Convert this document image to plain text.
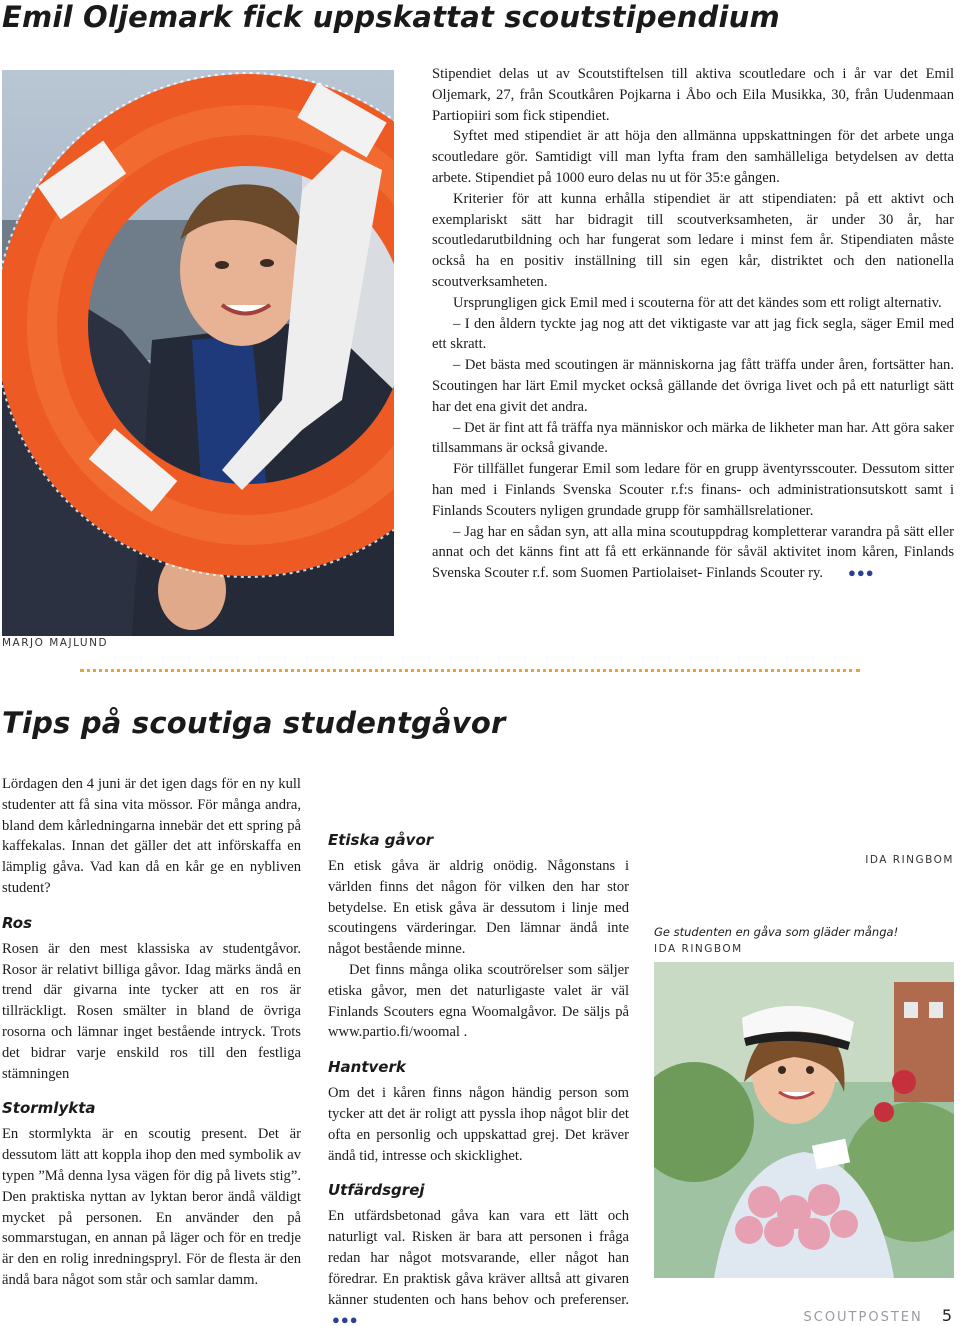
Emil Oljemark fick uppskattat scoutstipendium
MARJO MAJLUND

Stipendiet delas ut av Scoutstiftelsen till aktiva scoutledare och i år var det Emil Oljemark, 27, från Scoutkåren Pojkarna i Åbo och Eila Musikka, 30, från Uudenmaan Partiopiiri som fick stipendiet.

Syftet med stipendiet är att höja den allmänna uppskattningen för det arbete unga scoutledare gör. Samtidigt vill man lyfta fram den samhälleliga betydelsen av detta arbete. Stipendiet på 1000 euro delas nu ut för 35:e gången.

Kriterier för att kunna erhålla stipendiet är att stipendiaten: på ett aktivt och exemplariskt sätt har bidragit till scoutverksamheten, är under 30 år, har scoutledarutbildning och har fungerat som ledare i minst fem år. Stipendiaten måste också ha en positiv inställning till sin egen kår, distriktet och den nationella scoutverksamheten.

Ursprungligen gick Emil med i scouterna för att det kändes som ett roligt alternativ.

– I den åldern tyckte jag nog att det viktigaste var att jag fick segla, säger Emil med ett skratt.

– Det bästa med scoutingen är människorna jag fått träffa under åren, fortsätter han. Scoutingen har lärt Emil mycket också gällande det övriga livet och på ett naturligt sätt har det ena givit det andra.

– Det är fint att få träffa nya människor och märka de likheter man har. Att göra saker tillsammans är också givande.

För tillfället fungerar Emil som ledare för en grupp äventyrsscouter. Dessutom sitter han med i Finlands Svenska Scouter r.f:s finans- och administrationsutskott samt i Finlands Scouters nyligen grundade grupp för samhällsrelationer.

– Jag har en sådan syn, att alla mina scoutuppdrag kompletterar varandra på sätt eller annat och det känns fint att få ett erkännande för såväl aktivitet inom kåren, Finlands Svenska Scouter r.f. som Suomen Partiolaiset- Finlands Scouter ry. ●●●

Tips på scoutiga studentgåvor

Lördagen den 4 juni är det igen dags för en ny kull studenter att få sina vita mössor. För många andra, bland dem kårledningarna innebär det ett spring på kaffekalas. Innan det gäller det att införskaffa en lämplig gåva. Vad kan då en kår ge en nybliven student?

Ros

Rosen är den mest klassiska av studentgåvor. Rosor är relativt billiga gåvor. Idag märks ändå en trend där givarna inte tycker att en ros är tillräckligt. Rosen smälter in bland de övriga rosorna och lämnar inget bestående intryck. Trots det bidrar varje enskild ros till den festliga stämningen

Stormlykta

En stormlykta är en scoutig present. Det är dessutom lätt att koppla ihop den med symbolik av typen ”Må denna lysa vägen för dig på livets stig”. Den praktiska nyttan av lyktan beror ändå väldigt mycket på personen. En använder den på sommarstugan, en annan på läger och för en tredje är den en rolig inredningspryl. För de flesta är den ändå bara något som står och samlar damm.

Etiska gåvor

En etisk gåva är aldrig onödig. Någonstans i världen finns det någon för vilken den har stor betydelse. En etisk gåva är dessutom i linje med scoutingens värderingar. Den lämnar ändå inte något bestående minne.

Det finns många olika scoutrörelser som säljer etiska gåvor, men det naturligaste valet är väl Finlands Scouters egna Woomalgåvor. De säljs på www.partio.fi/woomal .

Hantverk

Om det i kåren finns någon händig person som tycker att det är roligt att pyssla ihop något blir det ofta en personlig och uppskattad grej. Det kräver ändå tid, intresse och skicklighet.

Utfärdsgrej

En utfärdsbetonad gåva kan vara ett lätt och naturligt val. Risken är bara att personen i fråga redan har något motsvarande, eller något han föredrar. En praktisk gåva kräver alltså att givaren känner studenten och hans behov och preferenser.●●●

IDA RINGBOM
Ge studenten en gåva som gläder många!
IDA RINGBOM
SCOUTPOSTEN 5
